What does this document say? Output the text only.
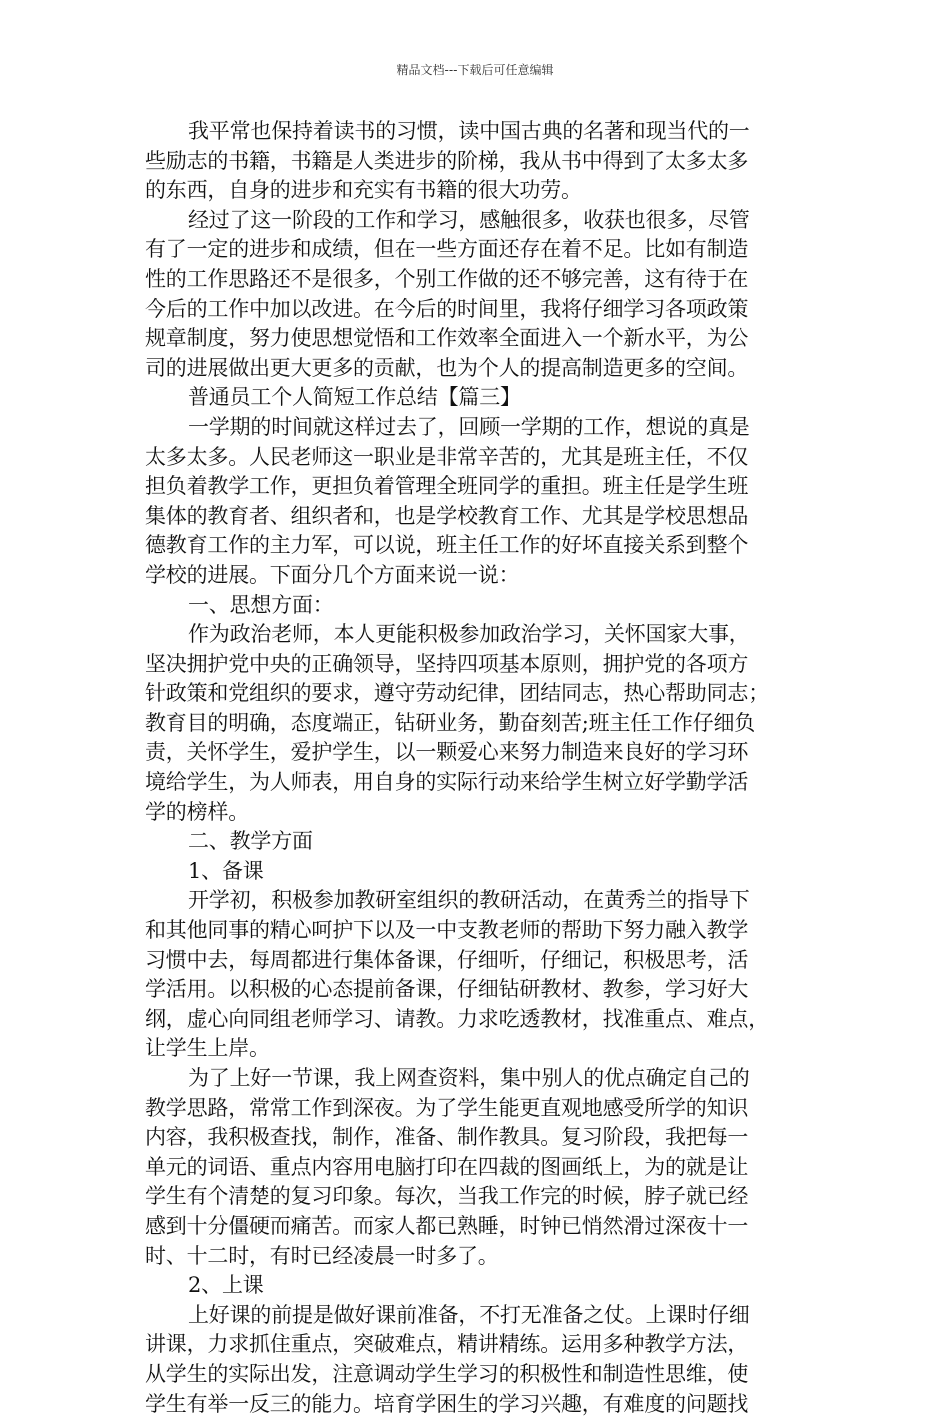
精品文档---下载后可任意编辑
我平常也保持着读书的习惯，读中国古典的名著和现当代的一
些励志的书籍，书籍是人类进步的阶梯，我从书中得到了太多太多
的东西，自身的进步和充实有书籍的很大功劳。
经过了这一阶段的工作和学习，感触很多，收获也很多，尽管
有了一定的进步和成绩，但在一些方面还存在着不足。比如有制造
性的工作思路还不是很多，个别工作做的还不够完善，这有待于在
今后的工作中加以改进。在今后的时间里，我将仔细学习各项政策
规章制度，努力使思想觉悟和工作效率全面进入一个新水平，为公
司的进展做出更大更多的贡献，也为个人的提高制造更多的空间。
普通员工个人简短工作总结【篇三】
一学期的时间就这样过去了，回顾一学期的工作，想说的真是
太多太多。人民老师这一职业是非常辛苦的，尤其是班主任，不仅
担负着教学工作，更担负着管理全班同学的重担。班主任是学生班
集体的教育者、组织者和，也是学校教育工作、尤其是学校思想品
德教育工作的主力军，可以说，班主任工作的好坏直接关系到整个
学校的进展。下面分几个方面来说一说：
一、思想方面：
作为政治老师，本人更能积极参加政治学习，关怀国家大事，
坚决拥护党中央的正确领导，坚持四项基本原则，拥护党的各项方
针政策和党组织的要求，遵守劳动纪律，团结同志，热心帮助同志；
教育目的明确，态度端正，钻研业务，勤奋刻苦;班主任工作仔细负
责，关怀学生，爱护学生，以一颗爱心来努力制造来良好的学习环
境给学生，为人师表，用自身的实际行动来给学生树立好学勤学活
学的榜样。
二、教学方面
1、备课
开学初，积极参加教研室组织的教研活动，在黄秀兰的指导下
和其他同事的精心呵护下以及一中支教老师的帮助下努力融入教学
习惯中去，每周都进行集体备课，仔细听，仔细记，积极思考，活
学活用。以积极的心态提前备课，仔细钻研教材、教参，学习好大
纲，虚心向同组老师学习、请教。力求吃透教材，找准重点、难点，
让学生上岸。
为了上好一节课，我上网查资料，集中别人的优点确定自己的
教学思路，常常工作到深夜。为了学生能更直观地感受所学的知识
内容，我积极查找，制作，准备、制作教具。复习阶段，我把每一
单元的词语、重点内容用电脑打印在四裁的图画纸上，为的就是让
学生有个清楚的复习印象。每次，当我工作完的时候，脖子就已经
感到十分僵硬而痛苦。而家人都已熟睡，时钟已悄然滑过深夜十一
时、十二时，有时已经凌晨一时多了。
2、上课
上好课的前提是做好课前准备，不打无准备之仗。上课时仔细
讲课，力求抓住重点，突破难点，精讲精练。运用多种教学方法，
从学生的实际出发，注意调动学生学习的积极性和制造性思维，使
学生有举一反三的能力。培育学困生的学习兴趣，有难度的问题找
